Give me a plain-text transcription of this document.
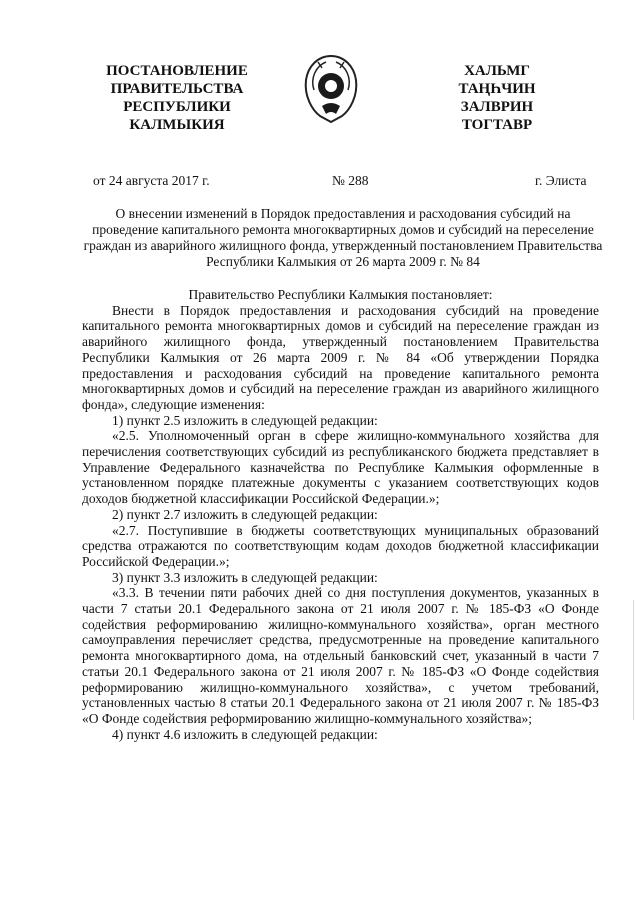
ПОСТАНОВЛЕНИЕ
ПРАВИТЕЛЬСТВА
РЕСПУБЛИКИ
КАЛМЫКИЯ
ХАЛЬМГ
ТАҢҺЧИН
ЗАЛВРИН
ТОГТАВР
от 24 августа 2017 г.	№ 288	г. Элиста
О внесении изменений в Порядок предоставления и расходования субсидий на проведение капитального ремонта многоквартирных домов и субсидий на переселение граждан из аварийного жилищного фонда, утвержденный постановлением Правительства Республики Калмыкия от 26 марта 2009 г. № 84

Правительство Республики Калмыкия постановляет:

Внести в Порядок предоставления и расходования субсидий на проведение капитального ремонта многоквартирных домов и субсидий на переселение граждан из аварийного жилищного фонда, утвержденный постановлением Правительства Республики Калмыкия от 26 марта 2009 г. № 84 «Об утверждении Порядка предоставления и расходования субсидий на проведение капитального ремонта многоквартирных домов и субсидий на переселение граждан из аварийного жилищного фонда», следующие изменения:

1) пункт 2.5 изложить в следующей редакции:

«2.5. Уполномоченный орган в сфере жилищно-коммунального хозяйства для перечисления соответствующих субсидий из республиканского бюджета представляет в Управление Федерального казначейства по Республике Калмыкия оформленные в установленном порядке платежные документы с указанием соответствующих кодов доходов бюджетной классификации Российской Федерации.»;

2) пункт 2.7 изложить в следующей редакции:

«2.7. Поступившие в бюджеты соответствующих муниципальных образований средства отражаются по соответствующим кодам доходов бюджетной классификации Российской Федерации.»;

3) пункт 3.3 изложить в следующей редакции:

«3.3. В течении пяти рабочих дней со дня поступления документов, указанных в части 7 статьи 20.1 Федерального закона от 21 июля 2007 г. № 185-ФЗ «О Фонде содействия реформированию жилищно-коммунального хозяйства», орган местного самоуправления перечисляет средства, предусмотренные на проведение капитального ремонта многоквартирного дома, на отдельный банковский счет, указанный в части 7 статьи 20.1 Федерального закона от 21 июля 2007 г. № 185-ФЗ «О Фонде содействия реформированию жилищно-коммунального хозяйства», с учетом требований, установленных частью 8 статьи 20.1 Федерального закона от 21 июля 2007 г. № 185-ФЗ «О Фонде содействия реформированию жилищно-коммунального хозяйства»;

4) пункт 4.6 изложить в следующей редакции:
